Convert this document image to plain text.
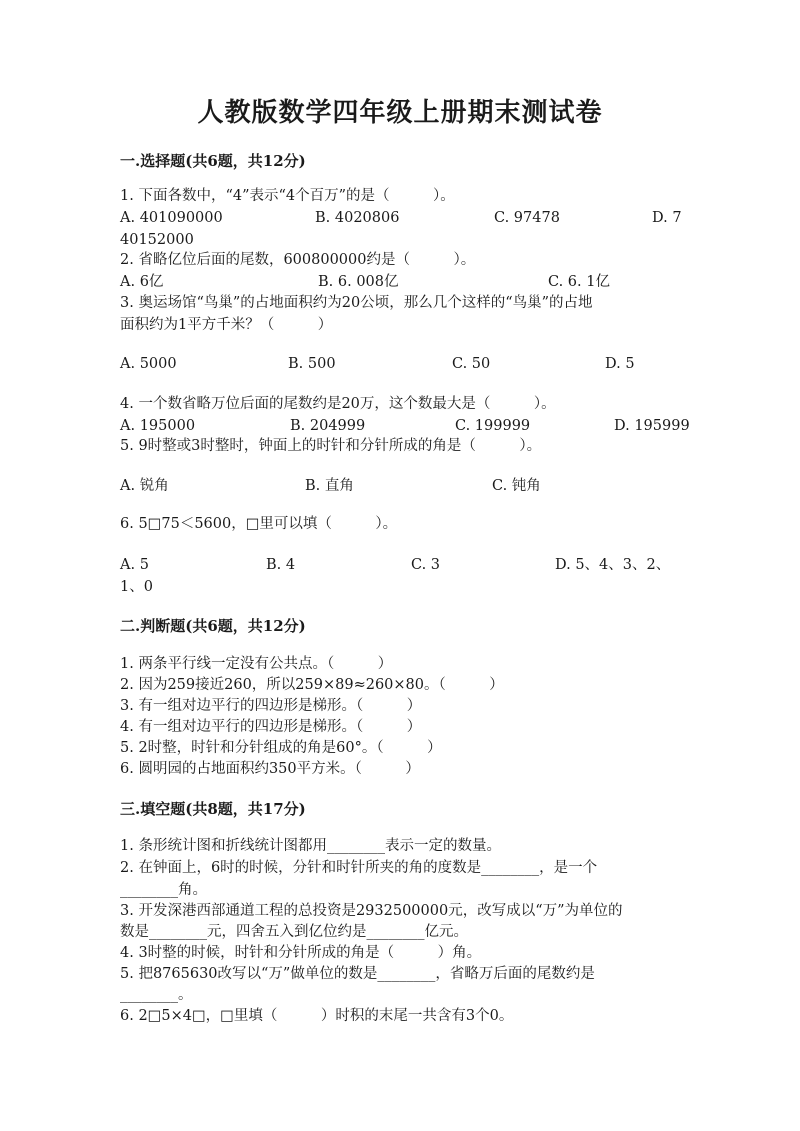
人教版数学四年级上册期末测试卷
一.选择题(共6题，共12分)
1. 下面各数中，“4”表示“4个百万”的是（　　　）。
A. 401090000	B. 4020806	C. 97478	D. 7
40152000
2. 省略亿位后面的尾数，600800000约是（　　　）。
A. 6亿	B. 6. 008亿	C. 6. 1亿
3. 奥运场馆“鸟巢”的占地面积约为20公顷，那么几个这样的“鸟巢”的占地
面积约为1平方千米？（　　　）
A. 5000	B. 500	C. 50	D. 5
4. 一个数省略万位后面的尾数约是20万，这个数最大是（　　　）。
A. 195000	B. 204999	C. 199999	D. 195999
5. 9时整或3时整时，钟面上的时针和分针所成的角是（　　　）。
A. 锐角	B. 直角	C. 钝角
6. 5□75＜5600，□里可以填（　　　）。
A. 5	B. 4	C. 3	D. 5、4、3、2、
1、0
二.判断题(共6题，共12分)
1. 两条平行线一定没有公共点。（　　　）
2. 因为259接近260，所以259×89≈260×80。（　　　）
3. 有一组对边平行的四边形是梯形。（　　　）
4. 有一组对边平行的四边形是梯形。（　　　）
5. 2时整，时针和分针组成的角是60°。（　　　）
6. 圆明园的占地面积约350平方米。（　　　）
三.填空题(共8题，共17分)
1. 条形统计图和折线统计图都用________表示一定的数量。
2. 在钟面上，6时的时候，分针和时针所夹的角的度数是________，是一个
________角。
3. 开发深港西部通道工程的总投资是2932500000元，改写成以“万”为单位的
数是________元，四舍五入到亿位约是________亿元。
4. 3时整的时候，时针和分针所成的角是（　　　）角。
5. 把8765630改写以“万”做单位的数是________，省略万后面的尾数约是
________。
6. 2□5×4□，□里填（　　　）时积的末尾一共含有3个0。
